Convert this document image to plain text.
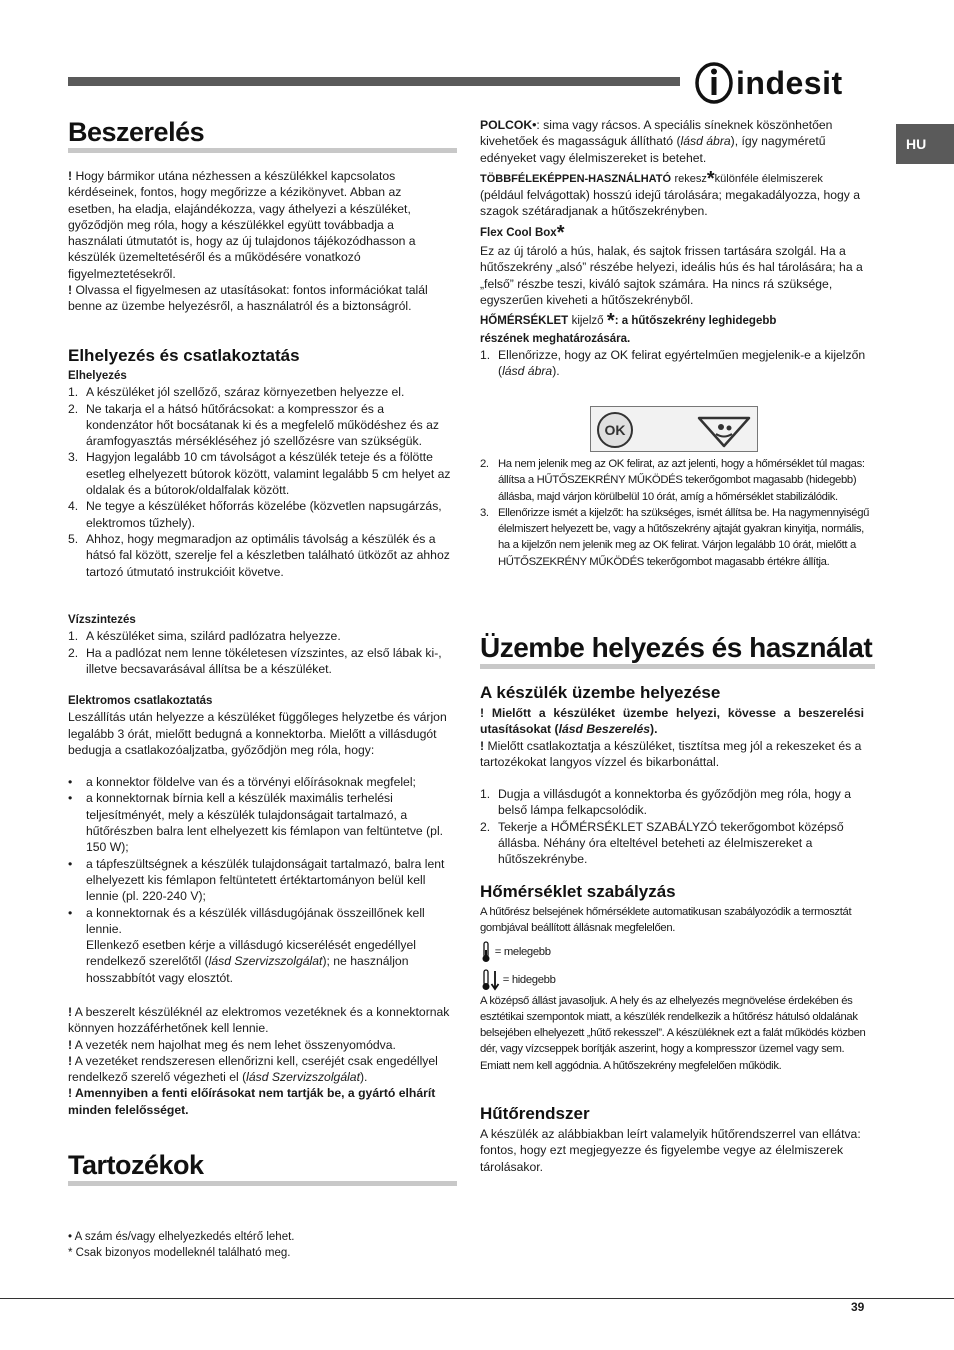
indesit
HU
Beszerelés

! Hogy bármikor utána nézhessen a készülékkel kapcsolatos kérdéseinek, fontos, hogy megőrizze a kézikönyvet. Abban az esetben, ha eladja, elajándékozza, vagy áthelyezi a készüléket, győződjön meg róla, hogy a készülékkel együtt továbbadja a használati útmutatót is, hogy az új tulajdonos tájékozódhasson a készülék üzemeltetéséről és a működésére vonatkozó figyelmeztetésekről.

! Olvassa el figyelmesen az utasításokat: fontos információkat talál benne az üzembe helyezésről, a használatról és a biztonságról.

Elhelyezés és csatlakoztatás

Elhelyezés

1. A készüléket jól szellőző, száraz környezetben helyezze el.
2. Ne takarja el a hátsó hűtőrácsokat: a kompresszor és a kondenzátor hőt bocsátanak ki és a megfelelő működéshez és az áramfogyasztás mérsékléséhez jó szellőzésre van szükségük.
3. Hagyjon legalább 10 cm távolságot a készülék teteje és a fölötte esetleg elhelyezett bútorok között, valamint legalább 5 cm helyet az oldalak és a bútorok/oldalfalak között.
4. Ne tegye a készüléket hőforrás közelébe (közvetlen napsugárzás, elektromos tűzhely).
5. Ahhoz, hogy megmaradjon az optimális távolság a készülék és a hátsó fal között, szerelje fel a készletben található ütközőt az ahhoz tartozó útmutató instrukcióit követve.

Vízszintezés

1. A készüléket sima, szilárd padlózatra helyezze.
2. Ha a padlózat nem lenne tökéletesen vízszintes, az első lábak ki-, illetve becsavarásával állítsa be a készüléket.

Elektromos csatlakoztatás

Leszállítás után helyezze a készüléket függőleges helyzetbe és várjon legalább 3 órát, mielőtt bedugná a konnektorba. Mielőtt a villásdugót bedugja a csatlakozóaljzatba, győződjön meg róla, hogy:

• a konnektor földelve van és a törvényi előírásoknak megfelel;
• a konnektornak bírnia kell a készülék maximális terhelési teljesítményét, mely a készülék tulajdonságait tartalmazó, a hűtőrészben balra lent elhelyezett kis fémlapon van feltüntetve (pl. 150 W);
• a tápfeszültségnek a készülék tulajdonságait tartalmazó, balra lent elhelyezett kis fémlapon feltüntetett értéktartományon belül kell lennie (pl. 220-240 V);
• a konnektornak és a készülék villásdugójának összeillőnek kell lennie.
Ellenkező esetben kérje a villásdugó kicserélését engedéllyel rendelkező szerelőtől (lásd Szervizszolgálat); ne használjon hosszabbítót vagy elosztót.

! A beszerelt készüléknél az elektromos vezetéknek és a konnektornak könnyen hozzáférhetőnek kell lennie.

! A vezeték nem hajolhat meg és nem lehet összenyomódva.

! A vezetéket rendszeresen ellenőrizni kell, cseréjét csak engedéllyel rendelkező szerelő végezheti el (lásd Szervizszolgálat).

! Amennyiben a fenti előírásokat nem tartják be, a gyártó elhárít minden felelősséget.

Tartozékok

• A szám és/vagy elhelyezkedés eltérő lehet.

* Csak bizonyos modelleknél található meg.

POLCOK•: sima vagy rácsos. A speciális síneknek köszönhetően kivehetőek és magasságuk állítható (lásd ábra), így nagyméretű edényeket vagy élelmiszereket is betehet.

TÖBBFÉLEKÉPPEN-HASZNÁLHATÓ rekesz*különféle élelmiszerek
(például felvágottak) hosszú idejű tárolására; megakadályozza, hogy a szagok szétáradjanak a hűtőszekrényben.

Flex Cool Box*

Ez az új tároló a hús, halak, és sajtok frissen tartására szolgál. Ha a hűtőszekrény „alsó” részébe helyezi, ideális hús és hal tárolására; ha a „felső” részbe teszi, kiváló sajtok számára. Ha nincs rá szüksége, egyszerűen kiveheti a hűtőszekrényből.

HŐMÉRSÉKLET kijelző *: a hűtőszekrény leghidegebb
részének meghatározására.

1. Ellenőrizze, hogy az OK felirat egyértelműen megjelenik-e a kijelzőn (lásd ábra).
OK
2. Ha nem jelenik meg az OK felirat, az azt jelenti, hogy a hőmérséklet túl magas: állítsa a HŰTŐSZEKRÉNY MŰKÖDÉS tekerőgombot magasabb (hidegebb) állásba, majd várjon körülbelül 10 órát, amíg a hőmérséklet stabilizálódik.
3. Ellenőrizze ismét a kijelzőt: ha szükséges, ismét állítsa be. Ha nagymennyiségű élelmiszert helyezett be, vagy a hűtőszekrény ajtaját gyakran kinyitja, normális, ha a kijelzőn nem jelenik meg az OK felirat. Várjon legalább 10 órát, mielőtt a HŰTŐSZEKRÉNY MŰKÖDÉS tekerőgombot magasabb értékre állítja.
Üzembe helyezés és használat
A készülék üzembe helyezése

! Mielőtt a készüléket üzembe helyezi, kövesse a beszerelési utasításokat (lásd Beszerelés).

! Mielőtt csatlakoztatja a készüléket, tisztítsa meg jól a rekeszeket és a tartozékokat langyos vízzel és bikarbonáttal.

1. Dugja a villásdugót a konnektorba és győződjön meg róla, hogy a belső lámpa felkapcsolódik.
2. Tekerje a HŐMÉRSÉKLET SZABÁLYZÓ tekerőgombot középső állásba. Néhány óra elteltével beteheti az élelmiszereket a hűtőszekrénybe.
Hőmérséklet szabályzás

A hűtőrész belsejének hőmérséklete automatikusan szabályozódik a termosztát gombjával beállított állásnak megfelelően.

= melegebb

= hidegebb

A középső állást javasoljuk. A hely és az elhelyezés megnövelése érdekében és esztétikai szempontok miatt, a készülék rendelkezik a hűtőrész hátulsó oldalának belsejében elhelyezett „hűtő rekesszel”. A készüléknek ezt a falát működés közben dér, vagy vízcseppek borítják aszerint, hogy a kompresszor üzemel vagy sem. Emiatt nem kell aggódnia. A hűtőszekrény megfelelően működik.

Hűtőrendszer

A készülék az alábbiakban leírt valamelyik hűtőrendszerrel van ellátva: fontos, hogy ezt megjegyezze és figyelembe vegye az élelmiszerek tárolásakor.

39
